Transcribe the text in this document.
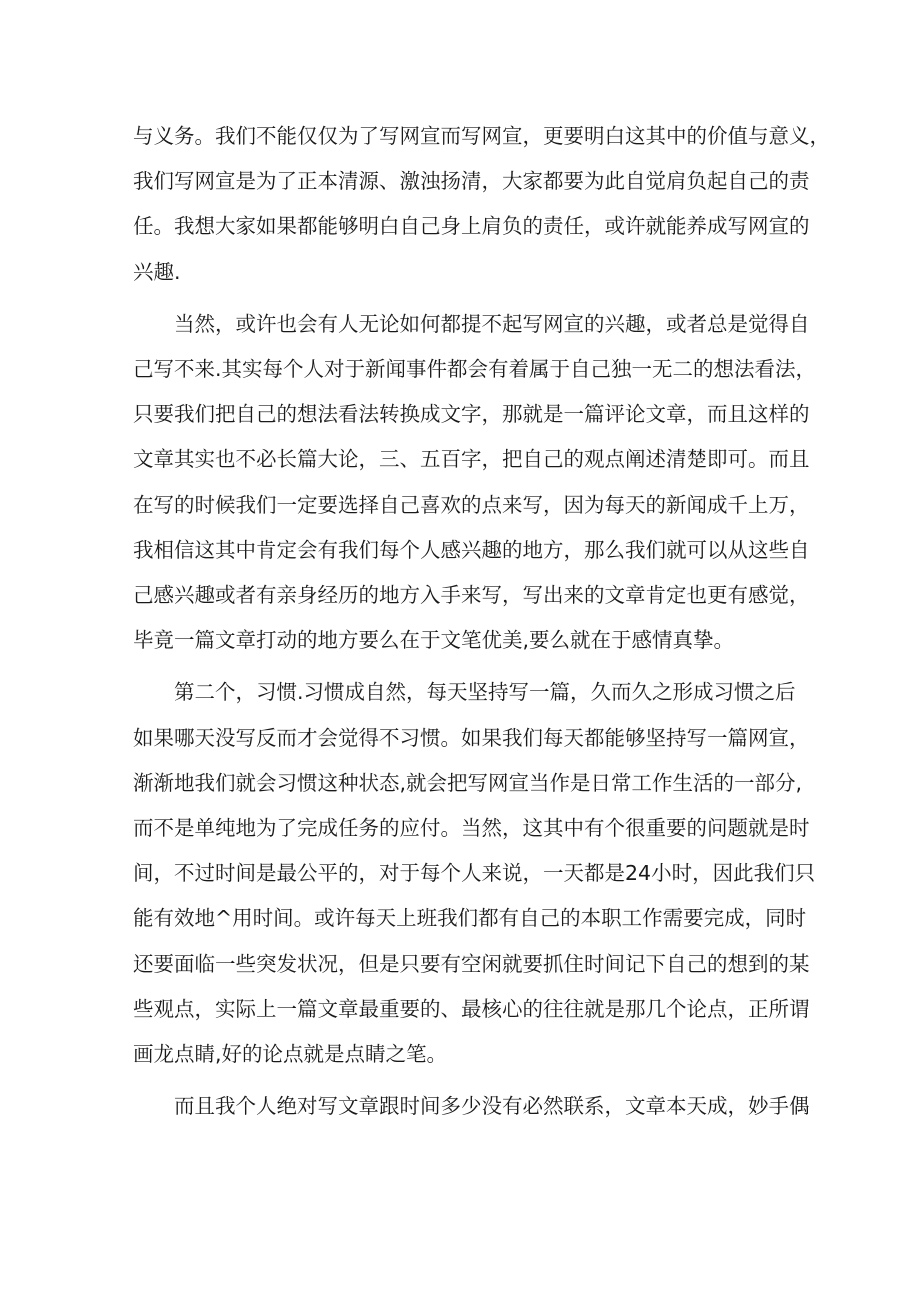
与义务。我们不能仅仅为了写网宣而写网宣，更要明白这其中的价值与意义，
我们写网宣是为了正本清源、激浊扬清，大家都要为此自觉肩负起自己的责
任。我想大家如果都能够明白自己身上肩负的责任，或许就能养成写网宣的
兴趣.

当然，或许也会有人无论如何都提不起写网宣的兴趣，或者总是觉得自
己写不来.其实每个人对于新闻事件都会有着属于自己独一无二的想法看法，
只要我们把自己的想法看法转换成文字，那就是一篇评论文章，而且这样的
文章其实也不必长篇大论，三、五百字，把自己的观点阐述清楚即可。而且
在写的时候我们一定要选择自己喜欢的点来写，因为每天的新闻成千上万，
我相信这其中肯定会有我们每个人感兴趣的地方，那么我们就可以从这些自
己感兴趣或者有亲身经历的地方入手来写，写出来的文章肯定也更有感觉，
毕竟一篇文章打动的地方要么在于文笔优美,要么就在于感情真挚。

第二个，习惯.习惯成自然，每天坚持写一篇，久而久之形成习惯之后
如果哪天没写反而才会觉得不习惯。如果我们每天都能够坚持写一篇网宣，
渐渐地我们就会习惯这种状态,就会把写网宣当作是日常工作生活的一部分,
而不是单纯地为了完成任务的应付。当然，这其中有个很重要的问题就是时
间，不过时间是最公平的，对于每个人来说，一天都是24小时，因此我们只
能有效地^用时间。或许每天上班我们都有自己的本职工作需要完成，同时
还要面临一些突发状况，但是只要有空闲就要抓住时间记下自己的想到的某
些观点，实际上一篇文章最重要的、最核心的往往就是那几个论点，正所谓
画龙点睛,好的论点就是点睛之笔。

而且我个人绝对写文章跟时间多少没有必然联系，文章本天成，妙手偶
